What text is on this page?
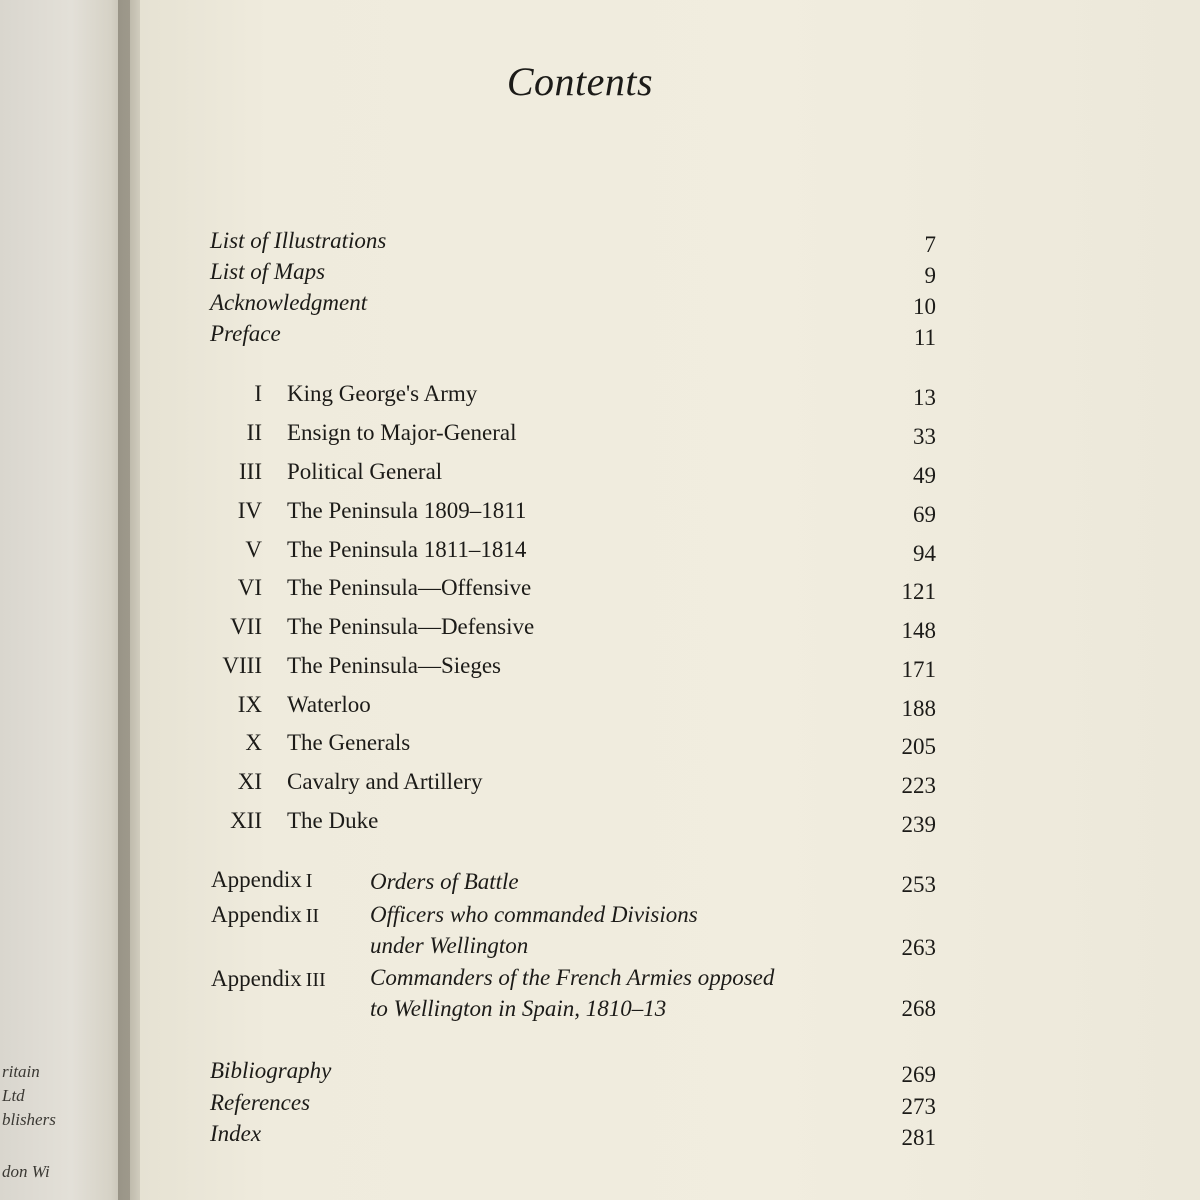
ritain
Ltd
blishers
don Wi
Contents
List of Illustrations	7
List of Maps	9
Acknowledgment	10
Preface	11
I King George's Army	13
II Ensign to Major-General	33
III Political General	49
IV The Peninsula 1809–1811	69
V The Peninsula 1811–1814	94
VI The Peninsula—Offensive	121
VII The Peninsula—Defensive	148
VIII The Peninsula—Sieges	171
IX Waterloo	188
X The Generals	205
XI Cavalry and Artillery	223
XII The Duke	239
Appendix I	Orders of Battle	253
Appendix II Officers who commanded Divisions
under Wellington	263
Appendix III Commanders of the French Armies opposed
to Wellington in Spain, 1810–13	268
Bibliography	269
References	273
Index	281
